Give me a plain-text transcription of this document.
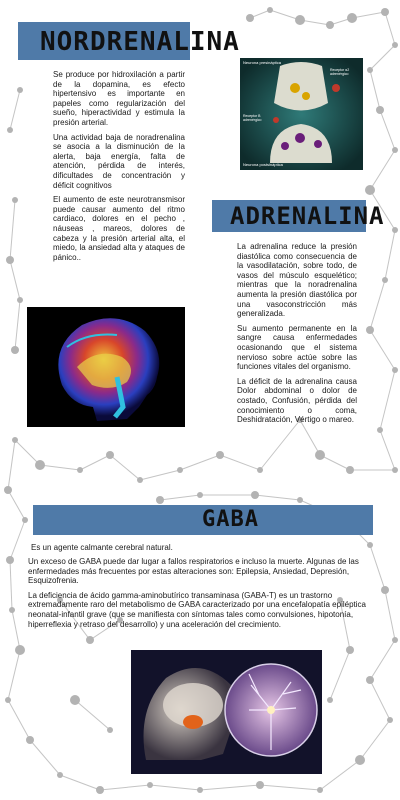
NORDRENALINA

Se produce por hidroxilación a partir de la dopamina, es efecto hipertensivo es importante en papeles como regularización del sueño, hiperactividad y estimula la presión arterial.

Una actividad baja de noradrenalina se asocia a la disminución de la alerta, baja energía, falta de atención, pérdida de interés, dificultades de concentración y déficit cognitivos

El aumento de este neurotransmisor puede causar aumento del ritmo cardiaco, dolores en el pecho , náuseas , mareos, dolores de cabeza y la presión arterial alta, el miedo, la ansiedad alta y ataques de pánico..

Neurona presináptica
Receptor α2 adrenérgico
Receptor B adrenérgico
Neurona postsináptica
ADRENALINA

La adrenalina reduce la presión diastólica como consecuencia de la vasodilatación, sobre todo, de vasos del músculo esquelético; mientras que la noradrenalina aumenta la presión diastólica por una vasoconstricción más generalizada.

Su aumento permanente en la sangre causa enfermedades ocasionando que el sistema nervioso sobre actúe sobre las funciones vitales del organismo.

La déficit de la adrenalina causa Dolor abdominal o dolor de costado, Confusión, pérdida del conocimiento o coma, Deshidratación, Vértigo o mareo.

GABA
Es un agente calmante cerebral natural.

Un exceso de GABA puede dar lugar a fallos respiratorios e incluso la muerte. Algunas de las enfermedades más frecuentes por estas alteraciones son: Epilepsia, Ansiedad, Depresión, Esquizofrenia.

La deficiencia de ácido gamma-aminobutírico transaminasa (GABA-T) es un trastorno extremadamente raro del metabolismo de GABA caracterizado por una encefalopatía epiléptica neonatal-infantil grave (que se manifiesta con síntomas tales como convulsiones, hipotonía, hiperreflexia y retraso del desarrollo) y una aceleración del crecimiento.
